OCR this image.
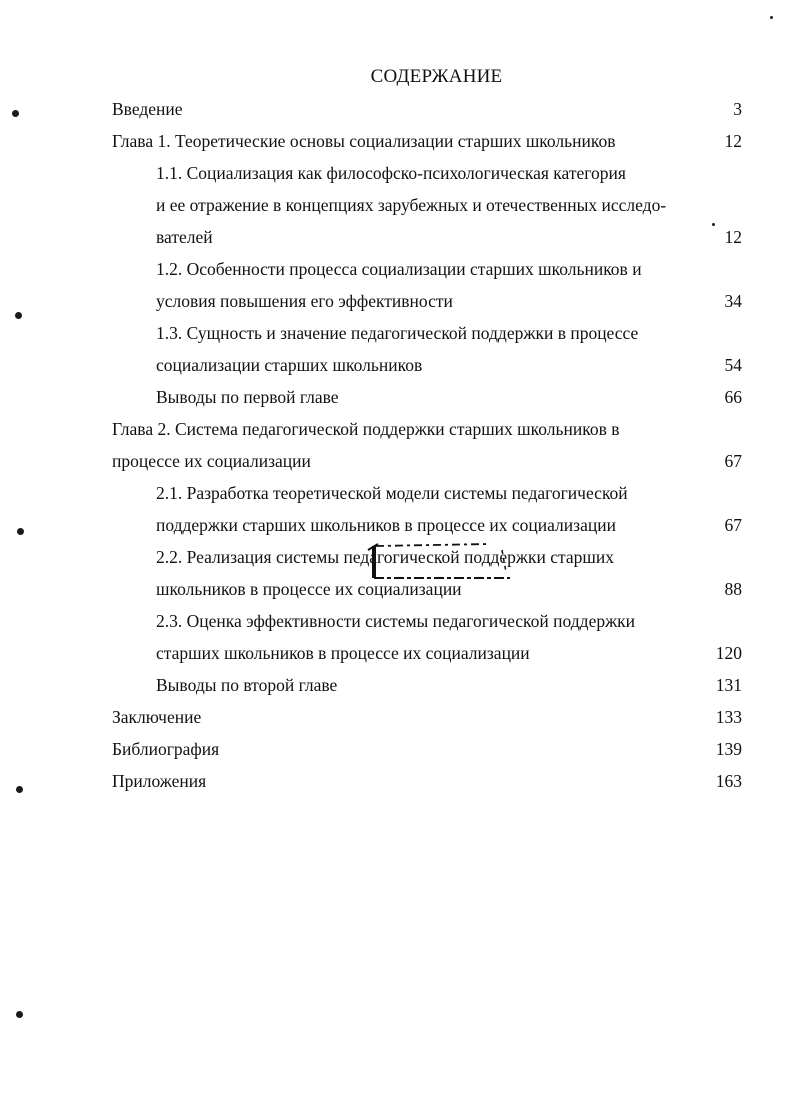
СОДЕРЖАНИЕ
Введение	3
Глава 1. Теоретические основы социализации старших школьников	12
1.1. Социализация как философско-психологическая категория
и ее отражение в концепциях зарубежных и отечественных исследо-
вателей	12
1.2. Особенности процесса социализации старших школьников и
условия повышения его эффективности	34
1.3. Сущность и значение педагогической поддержки в процессе
социализации старших школьников	54
Выводы по первой главе	66
Глава 2. Система педагогической поддержки старших школьников в
процессе их социализации	67
2.1. Разработка теоретической модели системы педагогической
поддержки старших школьников в процессе их социализации	67
2.2. Реализация системы педагогической поддержки старших
школьников в процессе их социализации	88
2.3. Оценка эффективности системы педагогической поддержки
старших школьников в процессе их социализации	120
Выводы по второй главе	131
Заключение	133
Библиография	139
Приложения	163
